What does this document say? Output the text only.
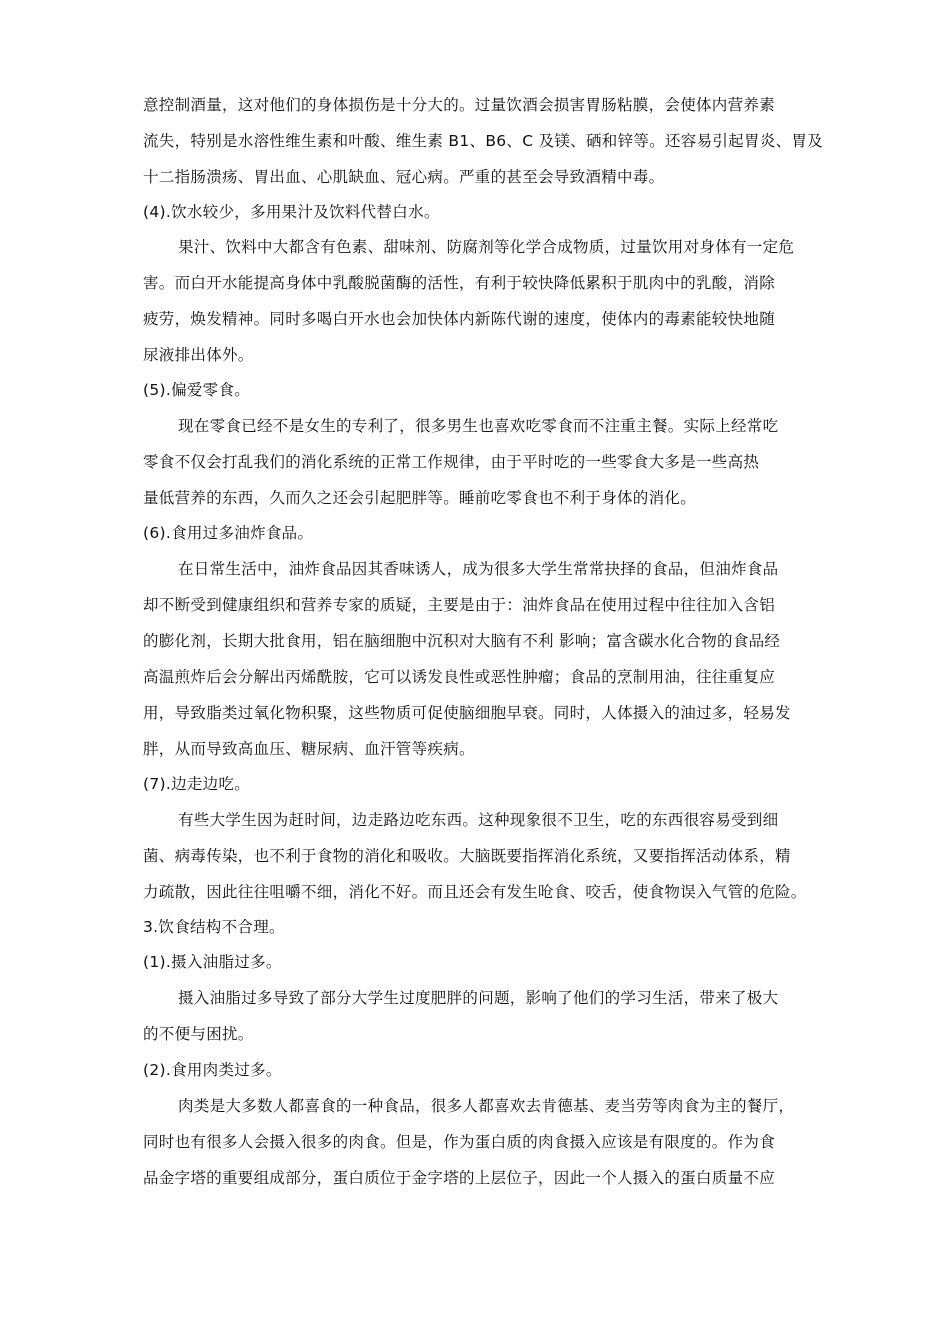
意控制酒量，这对他们的身体损伤是十分大的。过量饮酒会损害胃肠粘膜，会使体内营养素
流失，特别是水溶性维生素和叶酸、维生素 B1、B6、C 及镁、硒和锌等。还容易引起胃炎、胃及
十二指肠溃疡、胃出血、心肌缺血、冠心病。严重的甚至会导致酒精中毒。
(4).饮水较少，多用果汁及饮料代替白水。
果汁、饮料中大都含有色素、甜味剂、防腐剂等化学合成物质，过量饮用对身体有一定危
害。而白开水能提高身体中乳酸脱菌酶的活性，有利于较快降低累积于肌肉中的乳酸，消除
疲劳，焕发精神。同时多喝白开水也会加快体内新陈代谢的速度，使体内的毒素能较快地随
尿液排出体外。
(5).偏爱零食。
现在零食已经不是女生的专利了，很多男生也喜欢吃零食而不注重主餐。实际上经常吃
零食不仅会打乱我们的消化系统的正常工作规律，由于平时吃的一些零食大多是一些高热
量低营养的东西，久而久之还会引起肥胖等。睡前吃零食也不利于身体的消化。
(6).食用过多油炸食品。
在日常生活中，油炸食品因其香味诱人，成为很多大学生常常抉择的食品，但油炸食品
却不断受到健康组织和营养专家的质疑，主要是由于：油炸食品在使用过程中往往加入含铝
的膨化剂，长期大批食用，铝在脑细胞中沉积对大脑有不利 影响；富含碳水化合物的食品经
高温煎炸后会分解出丙烯酰胺，它可以诱发良性或恶性肿瘤；食品的烹制用油，往往重复应
用，导致脂类过氧化物积聚，这些物质可促使脑细胞早衰。同时，人体摄入的油过多，轻易发
胖，从而导致高血压、糖尿病、血汗管等疾病。
(7).边走边吃。
有些大学生因为赶时间，边走路边吃东西。这种现象很不卫生，吃的东西很容易受到细
菌、病毒传染，也不利于食物的消化和吸收。大脑既要指挥消化系统，又要指挥活动体系，精
力疏散，因此往往咀嚼不细，消化不好。而且还会有发生呛食、咬舌，使食物误入气管的危险。
3.饮食结构不合理。
(1).摄入油脂过多。
摄入油脂过多导致了部分大学生过度肥胖的问题，影响了他们的学习生活，带来了极大
的不便与困扰。
(2).食用肉类过多。
肉类是大多数人都喜食的一种食品，很多人都喜欢去肯德基、麦当劳等肉食为主的餐厅，
同时也有很多人会摄入很多的肉食。但是，作为蛋白质的肉食摄入应该是有限度的。作为食
品金字塔的重要组成部分，蛋白质位于金字塔的上层位子，因此一个人摄入的蛋白质量不应
